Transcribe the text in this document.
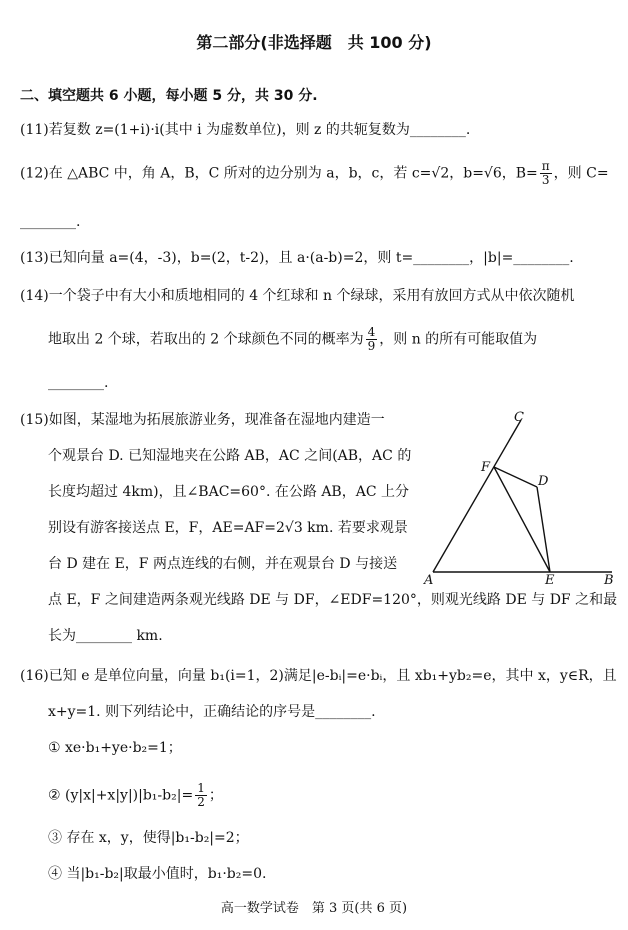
第二部分(非选择题　共 100 分)
二、填空题共 6 小题，每小题 5 分，共 30 分.
(11)若复数 z=(1+i)·i(其中 i 为虚数单位)，则 z 的共轭复数为________.
(12)在 △ABC 中，角 A，B，C 所对的边分别为 a，b，c，若 c=√2，b=√6，$B= \frac{\pi}{3}$ ，则 C=
________.
(13)已知向量 a=(4，-3)，b=(2，t-2)，且 a·(a-b)=2，则 t=________，|b|=________.
(14)一个袋子中有大小和质地相同的 4 个红球和 n 个绿球，采用有放回方式从中依次随机
地取出 2 个球，若取出的 2 个球颜色不同的概率为 $\frac{4}{9}$ ，则 n 的所有可能取值为
________.
(15)如图，某湿地为拓展旅游业务，现准备在湿地内建造一
个观景台 D. 已知湿地夹在公路 AB，AC 之间(AB，AC 的
长度均超过 4km)，且∠BAC=60°. 在公路 AB，AC 上分
别设有游客接送点 E，F，AE=AF=2√3 km. 若要求观景
台 D 建在 E，F 两点连线的右侧，并在观景台 D 与接送
点 E，F 之间建造两条观光线路 DE 与 DF，∠EDF=120°，则观光线路 DE 与 DF 之和最
长为________ km.
A	B
C
D
E
F
(16)已知 e 是单位向量，向量 b₁(i=1，2)满足|e-bᵢ|=e·bᵢ，且 xb₁+yb₂=e，其中 x，y∈R，且
x+y=1. 则下列结论中，正确结论的序号是________.
① xe·b₁+ye·b₂=1；
② $(y|x|+x|y|)|b_1-b_2|= \frac{1}{2}$ ；
③ 存在 x，y，使得|b₁-b₂|=2；
④ 当|b₁-b₂|取最小值时，b₁·b₂=0.
高一数学试卷　第 3 页(共 6 页)
